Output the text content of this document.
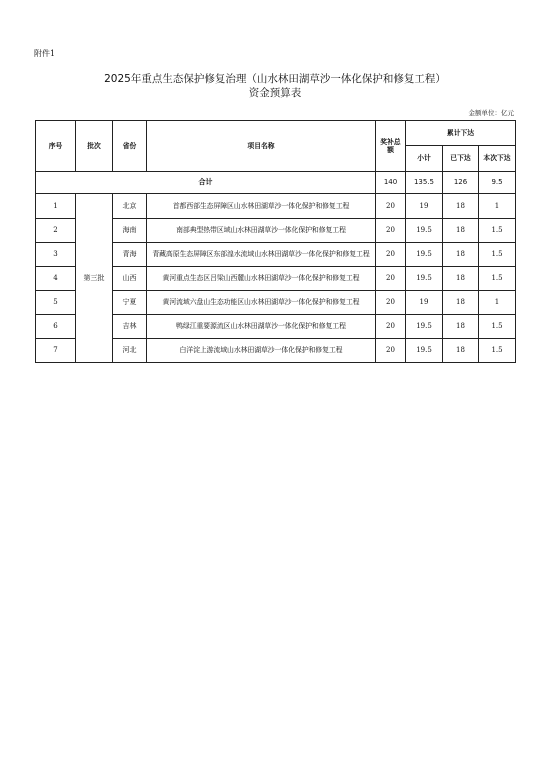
附件1
2025年重点生态保护修复治理（山水林田湖草沙一体化保护和修复工程）
资金预算表
金额单位：亿元
序号	批次	省份	项目名称	奖补总额	累计下达		
					小计	已下达	本次下达
合计				140	135.5	126	9.5
1	第三批	北京	首都西部生态屏障区山水林田湖草沙一体化保护和修复工程	20	19	18	1
2		海南	南部典型热带区域山水林田湖草沙一体化保护和修复工程	20	19.5	18	1.5
3		青海	青藏高原生态屏障区东部湟水流域山水林田湖草沙一体化保护和修复工程	20	19.5	18	1.5
4		山西	黄河重点生态区吕梁山西麓山水林田湖草沙一体化保护和修复工程	20	19.5	18	1.5
5		宁夏	黄河流域六盘山生态功能区山水林田湖草沙一体化保护和修复工程	20	19	18	1
6		吉林	鸭绿江重要源流区山水林田湖草沙一体化保护和修复工程	20	19.5	18	1.5
7		河北	白洋淀上游流域山水林田湖草沙一体化保护和修复工程	20	19.5	18	1.5
